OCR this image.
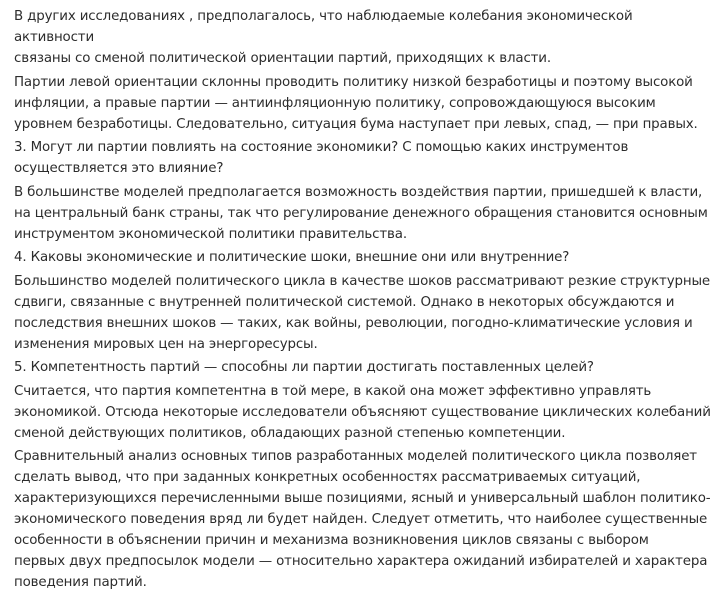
В других исследованиях , предполагалось, что наблюдаемые колебания экономической активности
связаны со сменой политической ориентации партий, приходящих к власти.

Партии левой ориентации склонны проводить политику низкой безработицы и поэтому высокой
инфляции, а правые партии — антиинфляционную политику, сопровождающуюся высоким
уровнем безработицы. Следовательно, ситуация бума наступает при левых, спад, — при правых.

3. Могут ли партии повлиять на состояние экономики? С помощью каких инструментов
осуществляется это влияние?

В большинстве моделей предполагается возможность воздействия партии, пришедшей к власти,
на центральный банк страны, так что регулирование денежного обращения становится основным
инструментом экономической политики правительства.

4. Каковы экономические и политические шоки, внешние они или внутренние?

Большинство моделей политического цикла в качестве шоков рассматривают резкие структурные
сдвиги, связанные с внутренней политической системой. Однако в некоторых обсуждаются и
последствия внешних шоков — таких, как войны, революции, погодно-климатические условия и
изменения мировых цен на энергоресурсы.

5. Компетентность партий — способны ли партии достигать поставленных целей?

Считается, что партия компетентна в той мере, в какой она может эффективно управлять
экономикой. Отсюда некоторые исследователи объясняют существование циклических колебаний
сменой действующих политиков, обладающих разной степенью компетенции.

Сравнительный анализ основных типов разработанных моделей политического цикла позволяет
сделать вывод, что при заданных конкретных особенностях рассматриваемых ситуаций,
характеризующихся перечисленными выше позициями, ясный и универсальный шаблон политико-
экономического поведения вряд ли будет найден. Следует отметить, что наиболее существенные
особенности в объяснении причин и механизма возникновения циклов связаны с выбором
первых двух предпосылок модели — относительно характера ожиданий избирателей и характера
поведения партий.
